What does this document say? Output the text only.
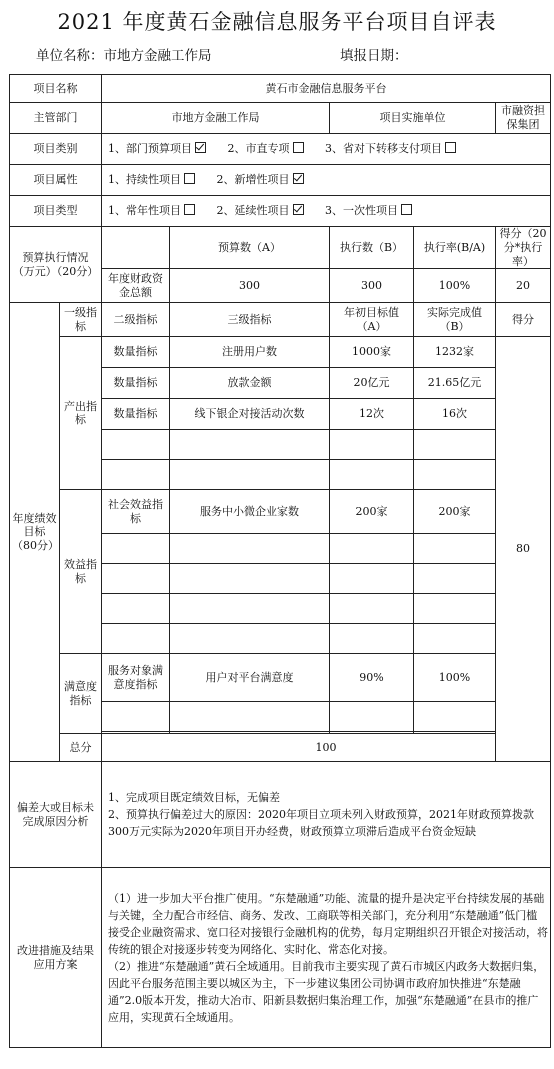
2021 年度黄石金融信息服务平台项目自评表
单位名称：市地方金融工作局	填报日期：
项目名称		黄石市金融信息服务平台				
主管部门		市地方金融工作局		项目实施单位		市融资担保集团
项目类别		1、部门预算项目 2、市直专项 3、省对下转移支付项目				
项目属性		1、持续性项目 2、新增性项目				
项目类型		1、常年性项目 2、延续性项目 3、一次性项目				
预算执行情况（万元）（20分）			预算数（A）	执行数（B）	执行率(B/A)	得分（20分*执行率）
		年度财政资金总额	300	300	100%	20
年度绩效目标（80分）	一级指标	二级指标	三级指标	年初目标值（A）	实际完成值（B）	得分
	产出指标	数量指标	注册用户数	1000家	1232家	80
		数量指标	放款金额	20亿元	21.65亿元	
		数量指标	线下银企对接活动次数	12次	16次	

	效益指标	社会效益指标	服务中小微企业家数	200家	200家	

	满意度指标	服务对象满意度指标	用户对平台满意度	90%	100%	

	总分	100				
偏差大或目标未完成原因分析		1、完成项目既定绩效目标，无偏差
2、预算执行偏差过大的原因：2020年项目立项未列入财政预算，2021年财政预算拨款300万元实际为2020年项目开办经费，财政预算立项滞后造成平台资金短缺				

改进措施及结果应用方案		（1）进一步加大平台推广使用。“东楚融通”功能、流量的提升是决定平台持续发展的基础与关键，全力配合市经信、商务、发改、工商联等相关部门，充分利用“东楚融通”低门槛接受企业融资需求、宽口径对接银行金融机构的优势，每月定期组织召开银企对接活动，将传统的银企对接逐步转变为网络化、实时化、常态化对接。
（2）推进“东楚融通”黄石全域通用。目前我市主要实现了黄石市城区内政务大数据归集，因此平台服务范围主要以城区为主，下一步建议集团公司协调市政府加快推进“东楚融通”2.0版本开发，推动大冶市、阳新县数据归集治理工作，加强“东楚融通”在县市的推广应用，实现黄石全域通用。				
